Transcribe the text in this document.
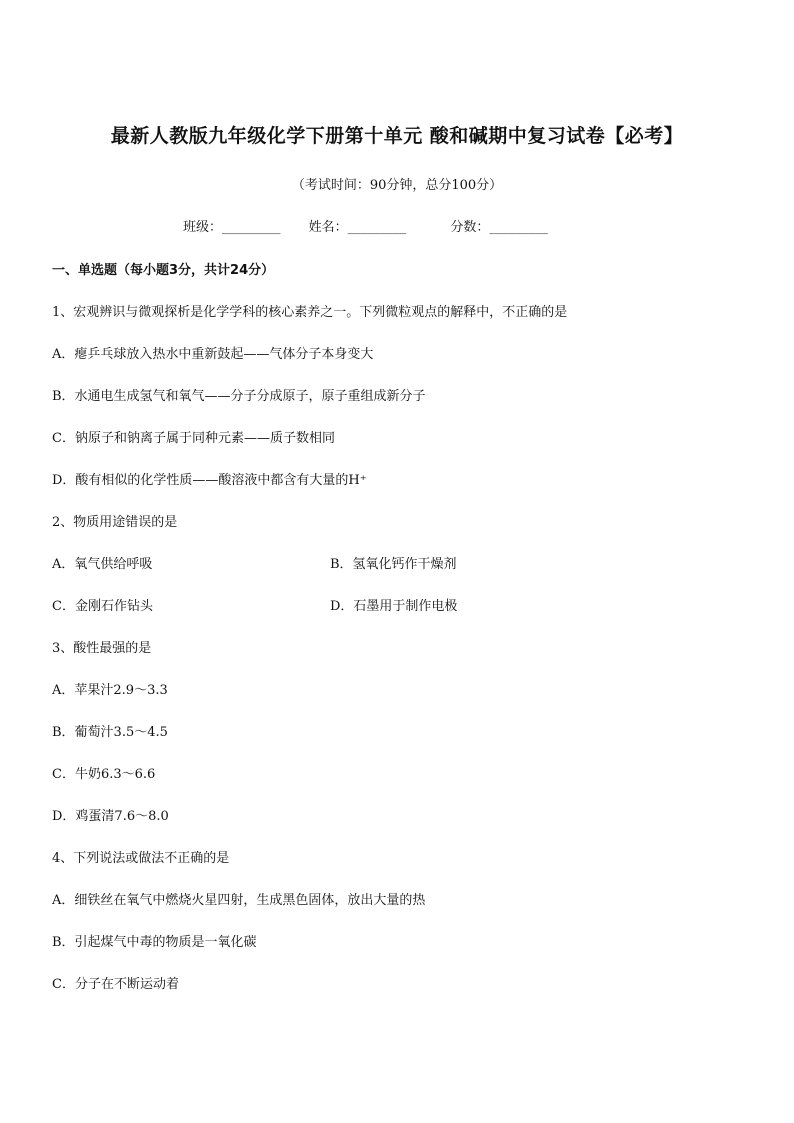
最新人教版九年级化学下册第十单元 酸和碱期中复习试卷【必考】
（考试时间：90分钟，总分100分）
班级：_________ 姓名：_________	分数：_________
一、单选题（每小题3分，共计24分）
1、宏观辨识与微观探析是化学学科的核心素养之一。下列微粒观点的解释中，不正确的是
A．瘪乒乓球放入热水中重新鼓起——气体分子本身变大
B．水通电生成氢气和氧气——分子分成原子，原子重组成新分子
C．钠原子和钠离子属于同种元素——质子数相同
D．酸有相似的化学性质——酸溶液中都含有大量的H⁺
2、物质用途错误的是
A．氧气供给呼吸	B．氢氧化钙作干燥剂
C．金刚石作钻头	D．石墨用于制作电极
3、酸性最强的是
A．苹果汁2.9～3.3
B．葡萄汁3.5～4.5
C．牛奶6.3～6.6
D．鸡蛋清7.6～8.0
4、下列说法或做法不正确的是
A．细铁丝在氧气中燃烧火星四射，生成黑色固体，放出大量的热
B．引起煤气中毒的物质是一氧化碳
C．分子在不断运动着
